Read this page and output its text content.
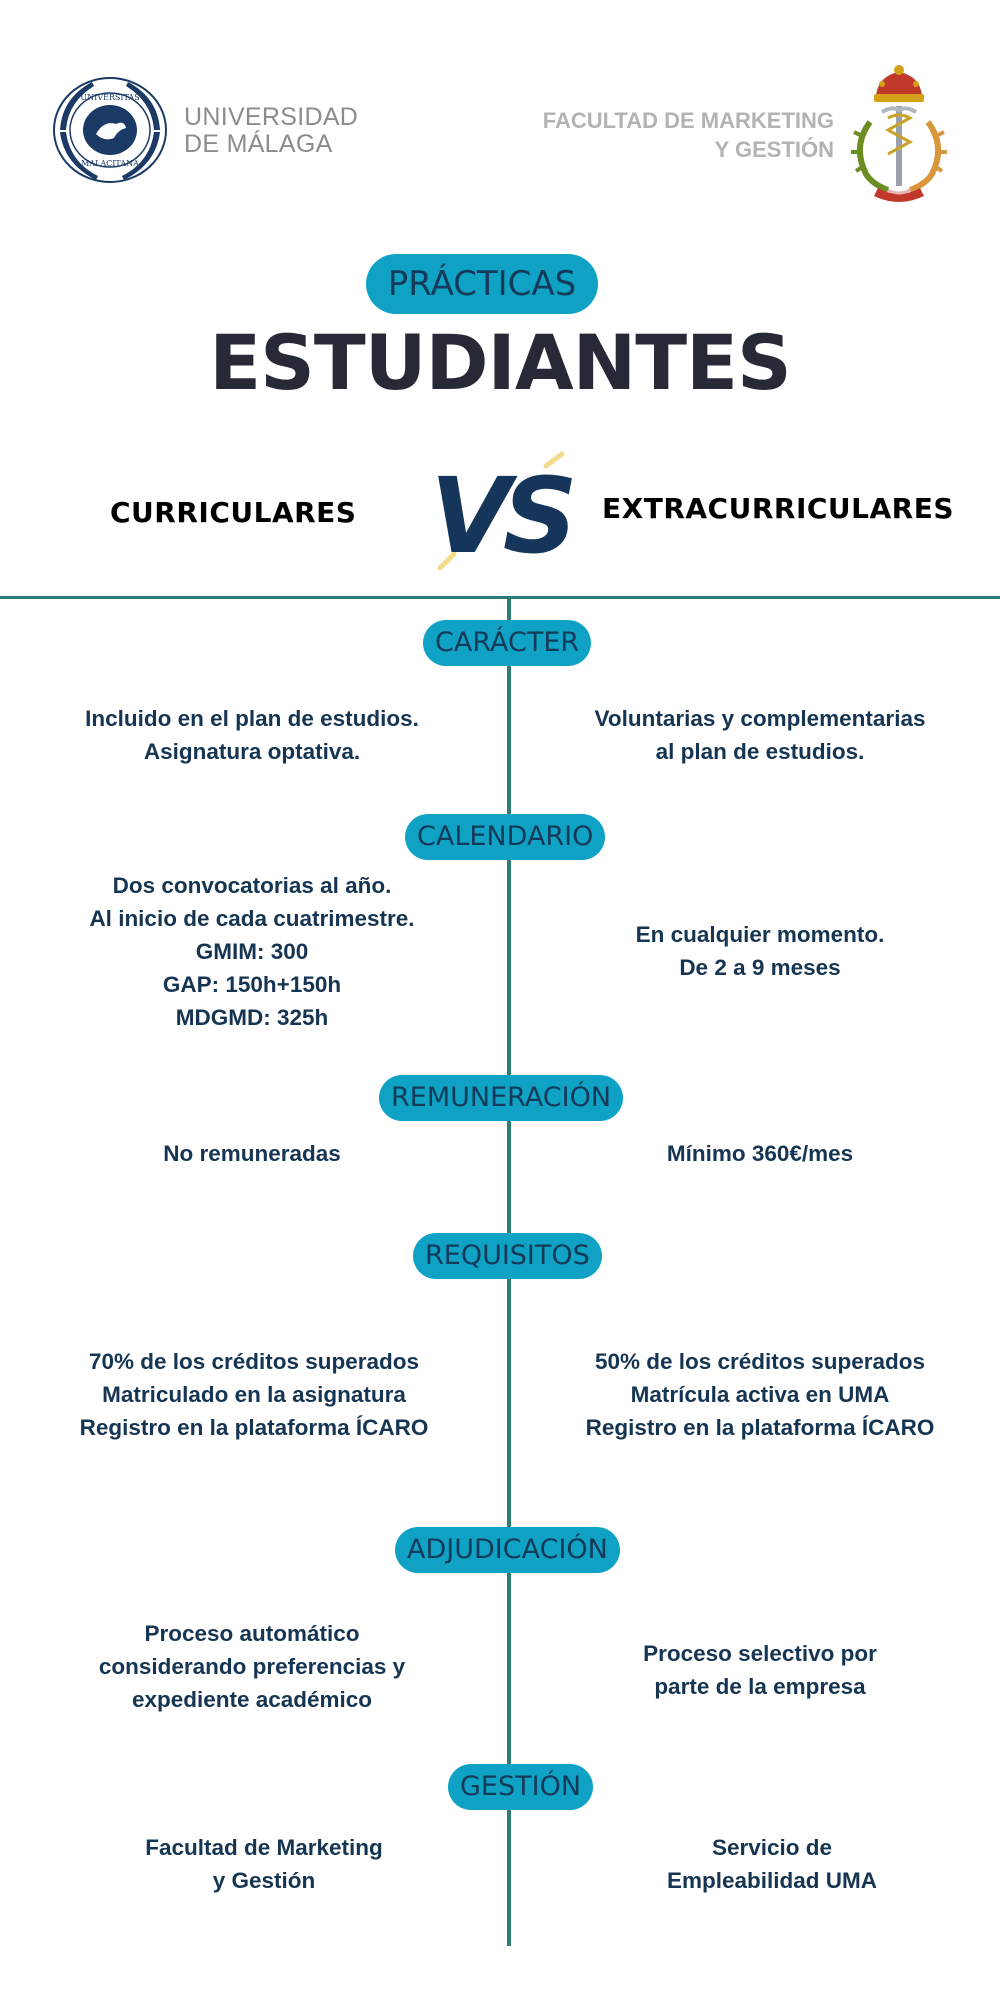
UNIVERSITAS
MALACITANA
UNIVERSIDAD
DE MÁLAGA
FACULTAD DE MARKETING
Y GESTIÓN
PRÁCTICAS
ESTUDIANTES
CURRICULARES VS EXTRACURRICULARES
CARÁCTER
Incluido en el plan de estudios.
Asignatura optativa.
Voluntarias y complementarias
al plan de estudios.
CALENDARIO
Dos convocatorias al año.
Al inicio de cada cuatrimestre.
GMIM: 300
GAP: 150h+150h
MDGMD: 325h
En cualquier momento.
De 2 a 9 meses
REMUNERACIÓN
No remuneradas	Mínimo 360€/mes
REQUISITOS
70% de los créditos superados
Matriculado en la asignatura
Registro en la plataforma ÍCARO
50% de los créditos superados
Matrícula activa en UMA
Registro en la plataforma ÍCARO
ADJUDICACIÓN
Proceso automático
considerando preferencias y
expediente académico
Proceso selectivo por
parte de la empresa
GESTIÓN
Facultad de Marketing
y Gestión
Servicio de
Empleabilidad UMA
